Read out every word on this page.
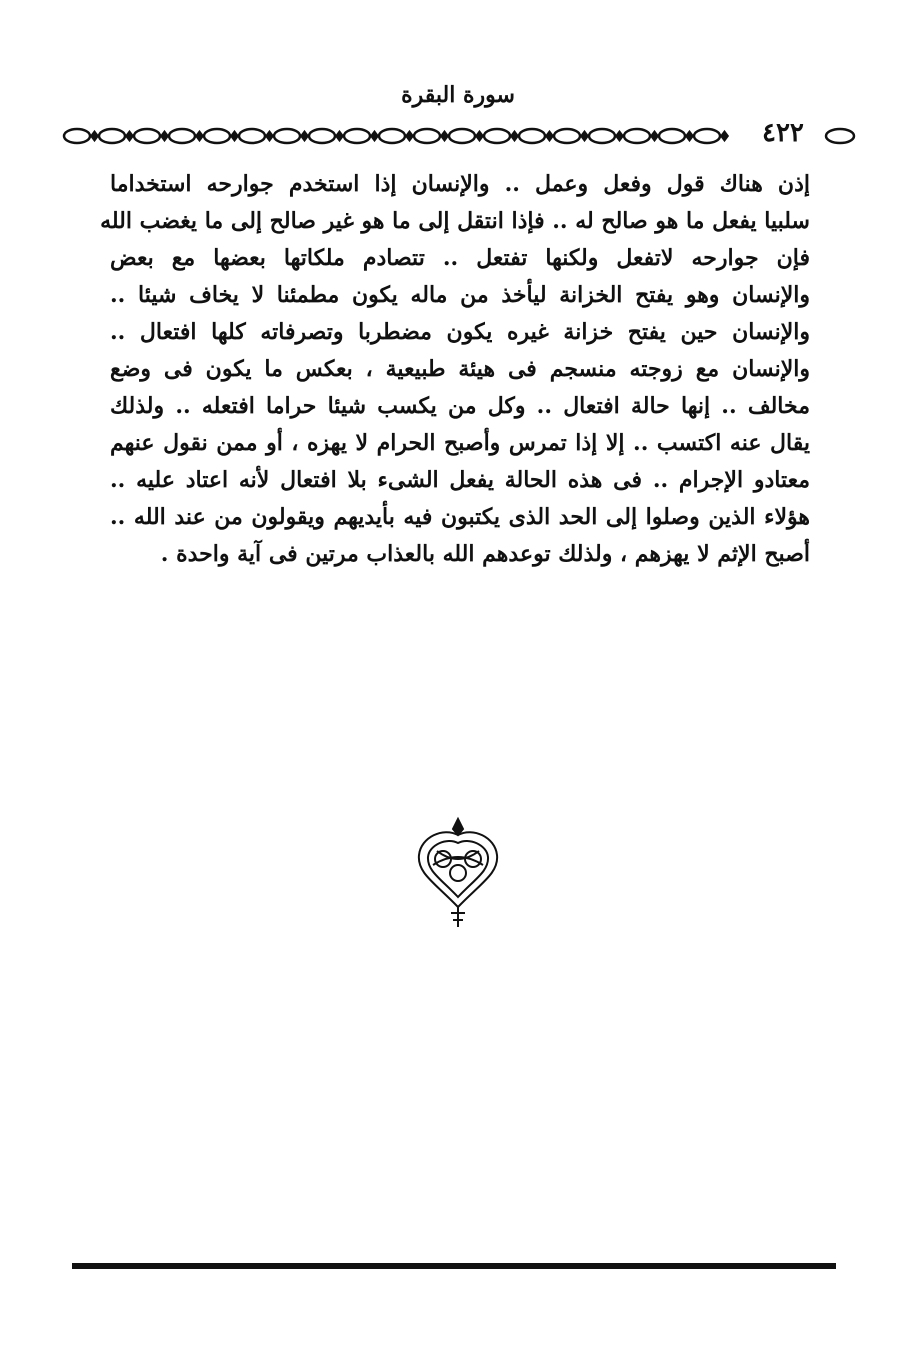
سورة البقرة
٤٢٢
إذن هناك قول وفعل وعمل .. والإنسان إذا استخدم جوارحه استخداما
سلبيا يفعل ما هو صالح له .. فإذا انتقل إلى ما هو غير صالح إلى ما يغضب الله
فإن جوارحه لاتفعل ولكنها تفتعل .. تتصادم ملكاتها بعضها مع بعض
والإنسان وهو يفتح الخزانة ليأخذ من ماله يكون مطمئنا لا يخاف شيئا ..
والإنسان حين يفتح خزانة غيره يكون مضطربا وتصرفاته كلها افتعال ..
والإنسان مع زوجته منسجم فى هيئة طبيعية ، بعكس ما يكون فى وضع
مخالف .. إنها حالة افتعال .. وكل من يكسب شيئا حراما افتعله .. ولذلك
يقال عنه اكتسب .. إلا إذا تمرس وأصبح الحرام لا يهزه ، أو ممن نقول عنهم
معتادو الإجرام .. فى هذه الحالة يفعل الشىء بلا افتعال لأنه اعتاد عليه ..
هؤلاء الذين وصلوا إلى الحد الذى يكتبون فيه بأيديهم ويقولون من عند الله ..
أصبح الإثم لا يهزهم ، ولذلك توعدهم الله بالعذاب مرتين فى آية واحدة .
